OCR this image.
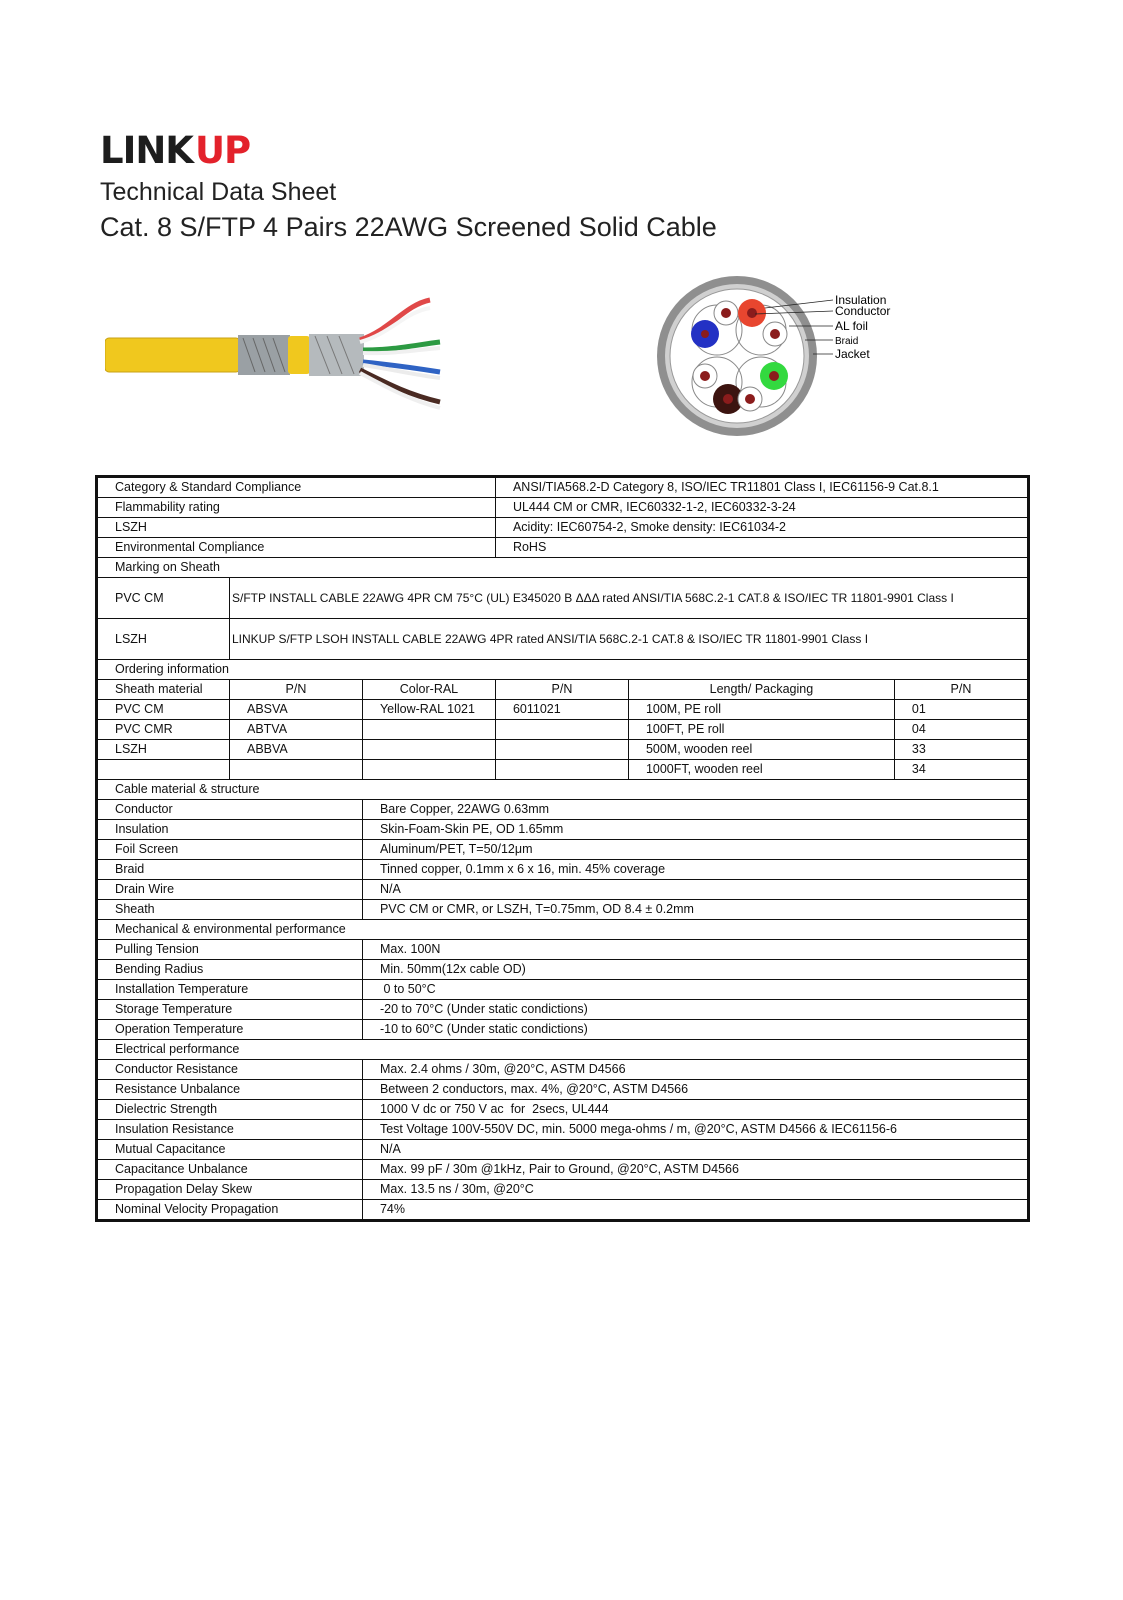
LINK UP
Technical Data Sheet
Cat. 8 S/FTP 4 Pairs 22AWG Screened Solid Cable
Insulation
Conductor
AL foil
Braid
Jacket
Category & Standard Compliance			ANSI/TIA568.2-D Category 8, ISO/IEC TR11801 Class I, IEC61156-9 Cat.8.1		
Flammability rating			UL444 CM or CMR, IEC60332-1-2, IEC60332-3-24		
LSZH			Acidity: IEC60754-2, Smoke density: IEC61034-2		
Environmental Compliance			RoHS		
Marking on Sheath					
PVC CM	S/FTP INSTALL CABLE 22AWG 4PR CM 75°C (UL) E345020 B ΔΔΔ rated ANSI/TIA 568C.2-1 CAT.8 & ISO/IEC TR 11801-9901 Class I				
LSZH	LINKUP S/FTP LSOH INSTALL CABLE 22AWG 4PR rated ANSI/TIA 568C.2-1 CAT.8 & ISO/IEC TR 11801-9901 Class I				
Ordering information					
Sheath material	P/N	Color-RAL	P/N	Length/ Packaging	P/N
PVC CM	ABSVA	Yellow-RAL 1021	6011021	100M, PE roll	01
PVC CMR	ABTVA			100FT, PE roll	04
LSZH	ABBVA			500M, wooden reel	33
				1000FT, wooden reel	34
Cable material & structure					
Conductor		Bare Copper, 22AWG 0.63mm			
Insulation		Skin-Foam-Skin PE, OD 1.65mm			
Foil Screen		Aluminum/PET, T=50/12μm			
Braid		Tinned copper, 0.1mm x 6 x 16, min. 45% coverage			
Drain Wire		N/A			
Sheath		PVC CM or CMR, or LSZH, T=0.75mm, OD 8.4 ± 0.2mm			
Mechanical & environmental performance					
Pulling Tension		Max. 100N			
Bending Radius		Min. 50mm(12x cable OD)			
Installation Temperature		0 to 50°C			
Storage Temperature		-20 to 70°C (Under static condictions)			
Operation Temperature		-10 to 60°C (Under static condictions)			
Electrical performance					
Conductor Resistance		Max. 2.4 ohms / 30m, @20°C, ASTM D4566			
Resistance Unbalance		Between 2 conductors, max. 4%, @20°C, ASTM D4566			
Dielectric Strength		1000 V dc or 750 V ac  for  2secs, UL444			
Insulation Resistance		Test Voltage 100V-550V DC, min. 5000 mega-ohms / m, @20°C, ASTM D4566 & IEC61156-6			
Mutual Capacitance		N/A			
Capacitance Unbalance		Max. 99 pF / 30m @1kHz, Pair to Ground, @20°C, ASTM D4566			
Propagation Delay Skew		Max. 13.5 ns / 30m, @20°C			
Nominal Velocity Propagation		74%			
